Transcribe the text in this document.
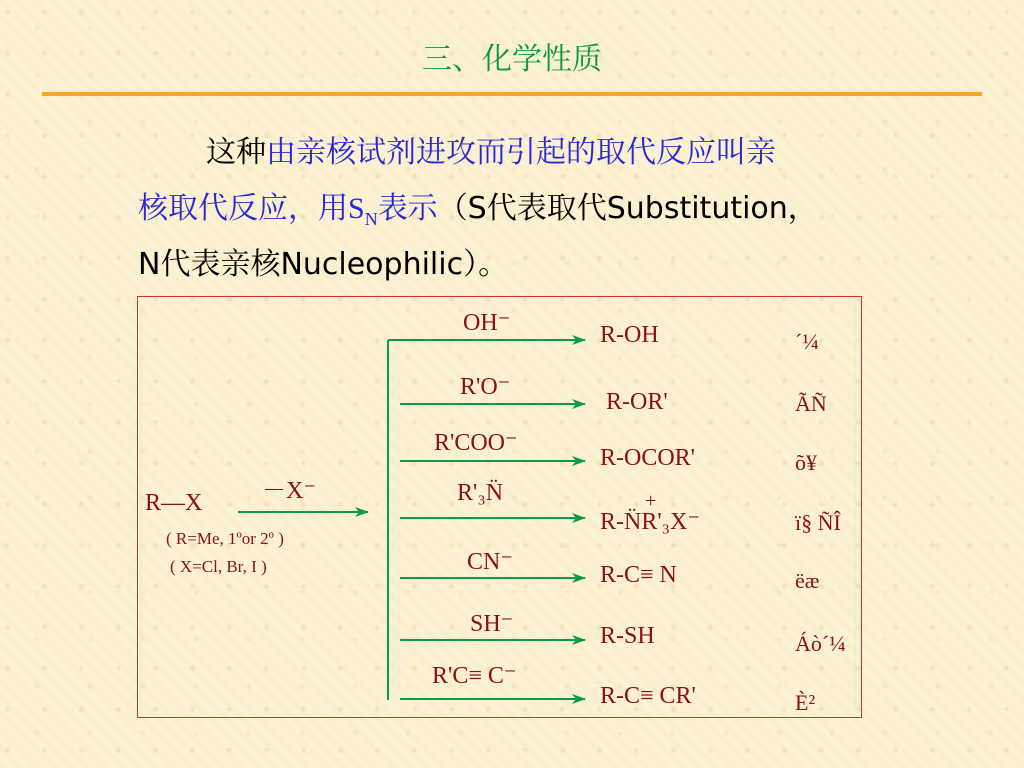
三、化学性质
这种由亲核试剂进攻而引起的取代反应叫亲
核取代反应，用$S_N$表示（S代表取代Substitution，
N代表亲核Nucleophilic）。
R—X －X⁻
( R=Me, 1ºor 2º )
( X=Cl, Br, I )
OH⁻
R'O⁻
R'COO⁻
R'₃N̈
CN⁻
SH⁻
R'C≡ C⁻
R-OH
R-OR'
R-OCOR'
+
R-N̈R'₃X⁻
R-C≡ N
R-SH
R-C≡ CR'
´¼
ÃÑ
õ¥
ï§ ÑÎ
ëæ
Áò´¼
È²
